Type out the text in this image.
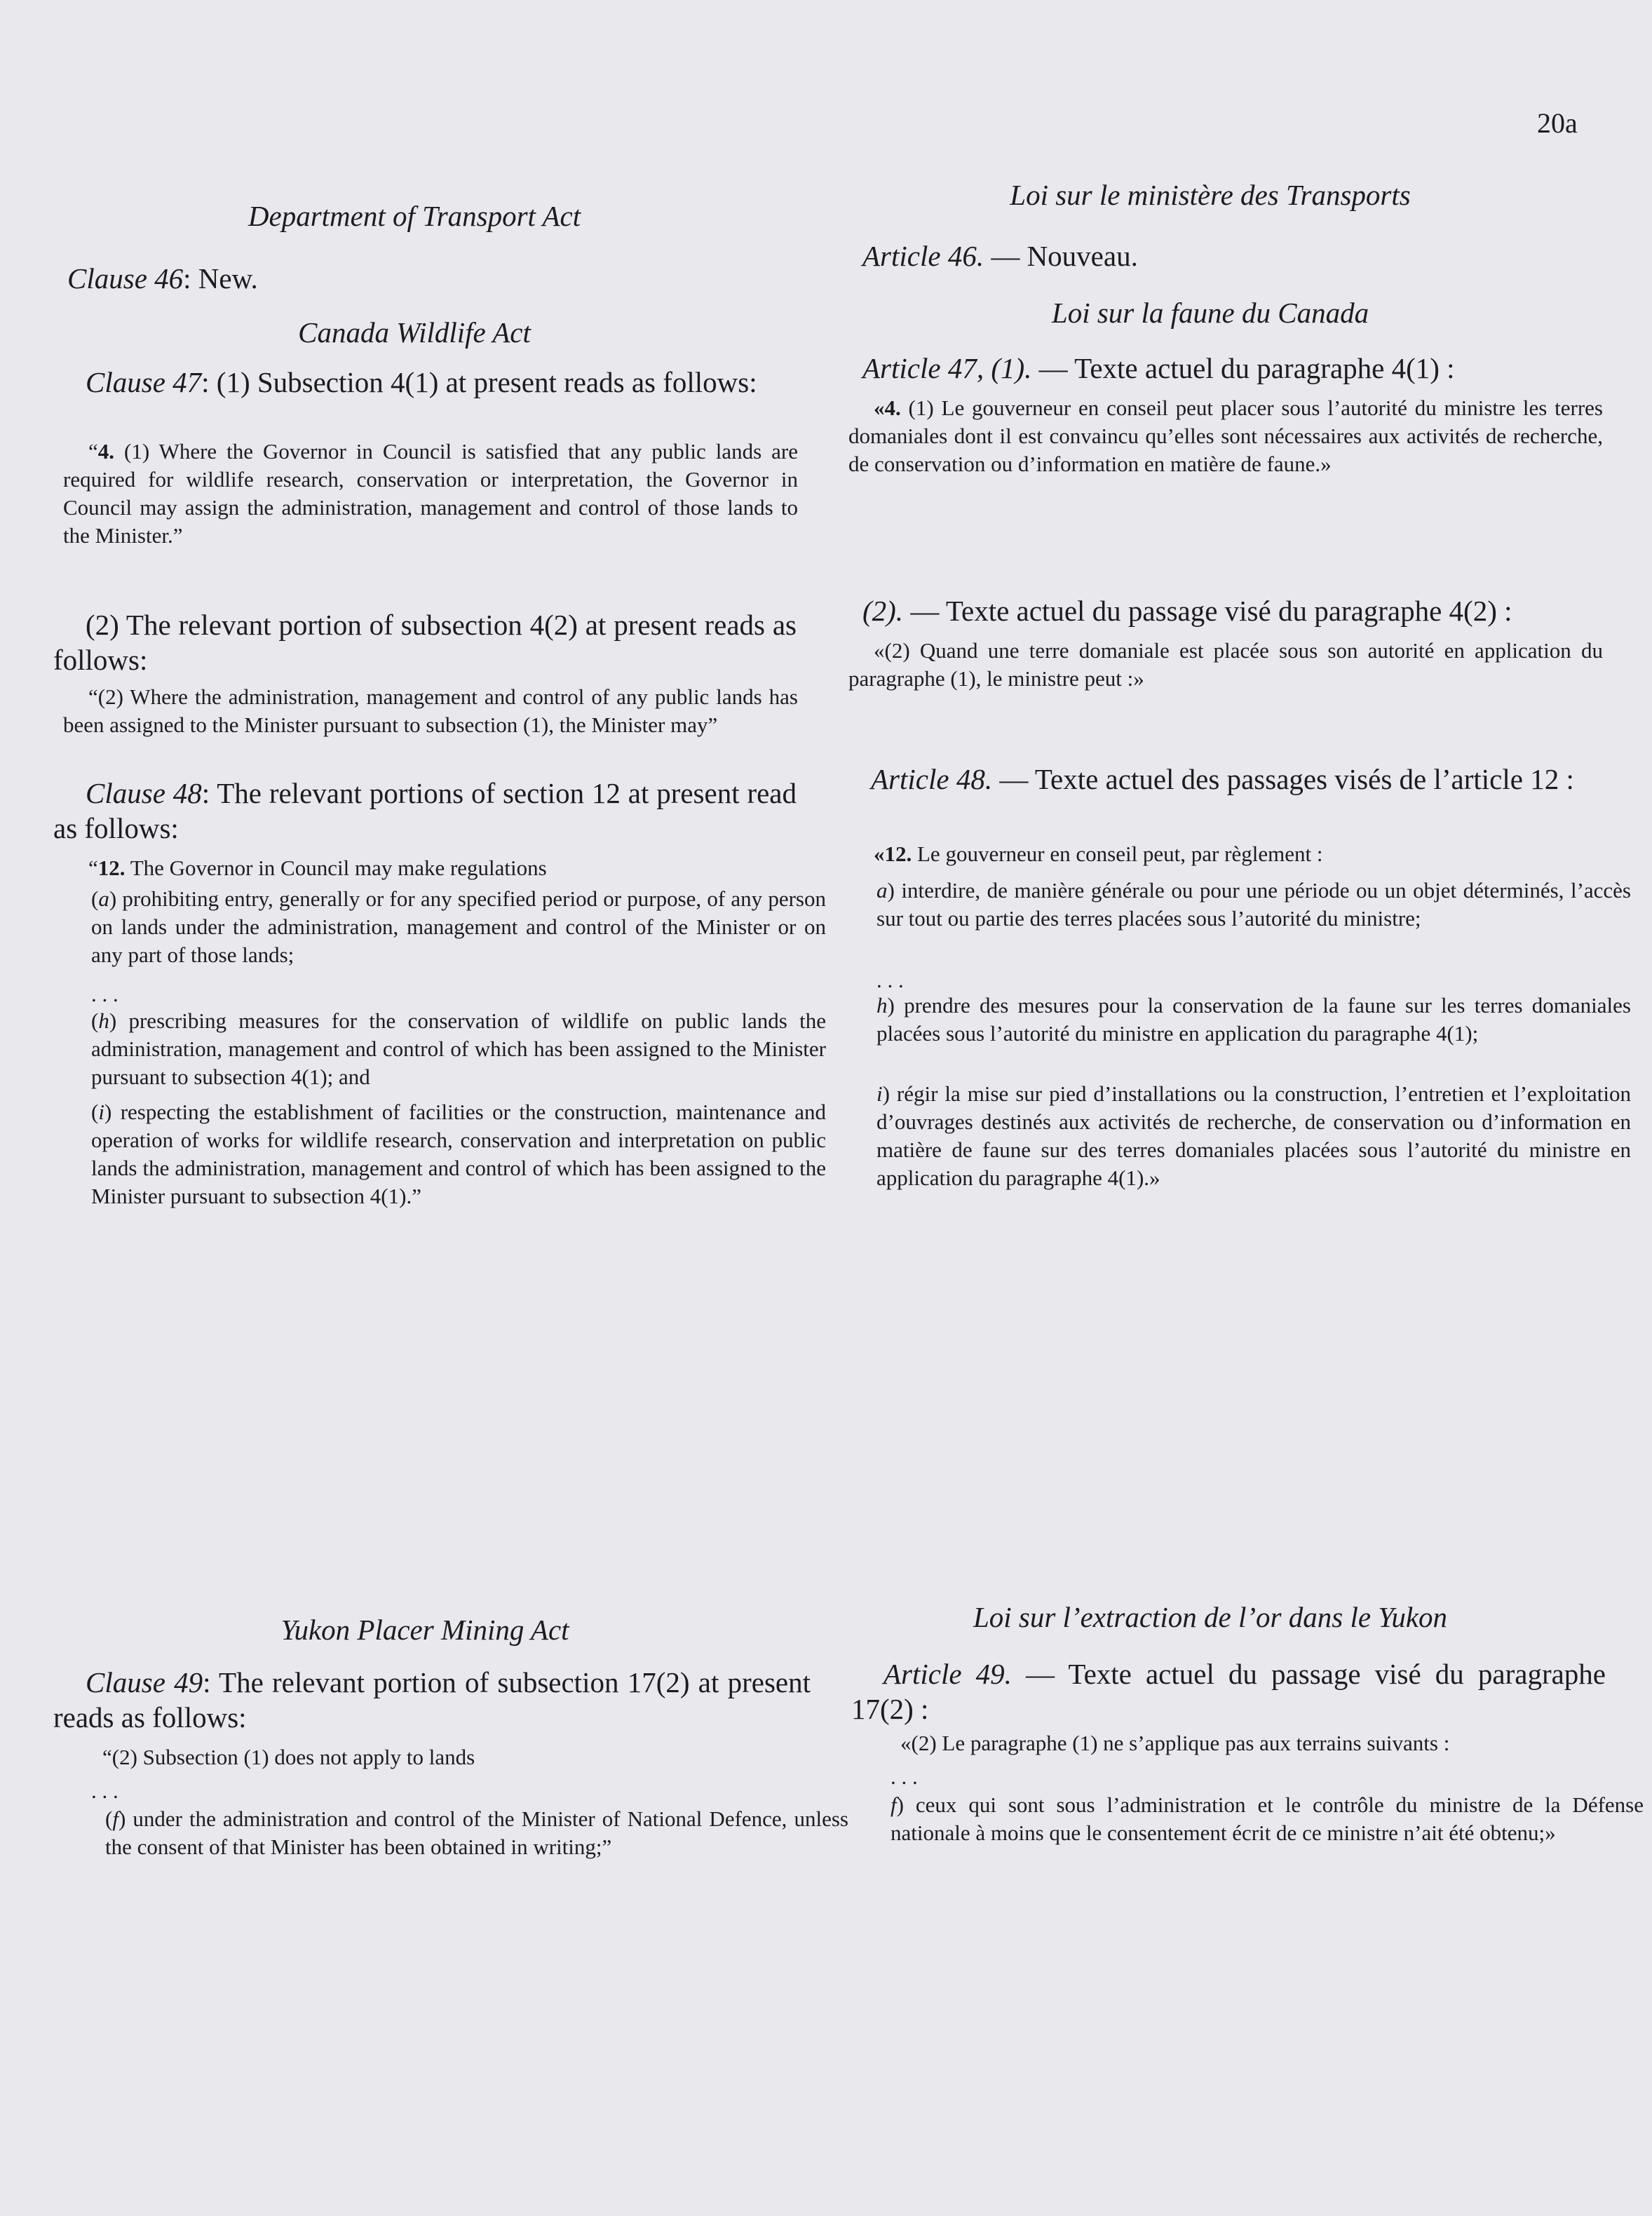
20a

Department of Transport Act

Clause 46: New.

Canada Wildlife Act

Clause 47: (1) Subsection 4(1) at present reads as follows:

“4. (1) Where the Governor in Council is satisfied that any public lands are required for wildlife research, conservation or interpretation, the Governor in Council may assign the administration, management and control of those lands to the Minister.”

(2) The relevant portion of subsection 4(2) at present reads as follows:

“(2) Where the administration, management and control of any public lands has been assigned to the Minister pursuant to subsection (1), the Minister may”

Clause 48: The relevant portions of section 12 at present read as follows:

“12. The Governor in Council may make regulations

(a) prohibiting entry, generally or for any specified period or purpose, of any person on lands under the administration, management and control of the Minister or on any part of those lands;

. . .

(h) prescribing measures for the conservation of wildlife on public lands the administration, management and control of which has been assigned to the Minister pursuant to subsection 4(1); and

(i) respecting the establishment of facilities or the construction, maintenance and operation of works for wildlife research, conservation and interpretation on public lands the administration, management and control of which has been assigned to the Minister pursuant to subsection 4(1).”

Yukon Placer Mining Act

Clause 49: The relevant portion of subsection 17(2) at present reads as follows:

“(2) Subsection (1) does not apply to lands

. . .

(f) under the administration and control of the Minister of National Defence, unless the consent of that Minister has been obtained in writing;”

Loi sur le ministère des Transports

Article 46. — Nouveau.

Loi sur la faune du Canada

Article 47, (1). — Texte actuel du paragraphe 4(1) :

«4. (1) Le gouverneur en conseil peut placer sous l’autorité du ministre les terres domaniales dont il est convaincu qu’elles sont nécessaires aux activités de recherche, de conservation ou d’information en matière de faune.»

(2). — Texte actuel du passage visé du paragraphe 4(2) :

«(2) Quand une terre domaniale est placée sous son autorité en application du paragraphe (1), le ministre peut :»

Article 48. — Texte actuel des passages visés de l’article 12 :

«12. Le gouverneur en conseil peut, par règlement :

a) interdire, de manière générale ou pour une période ou un objet déterminés, l’accès sur tout ou partie des terres placées sous l’autorité du ministre;

. . .

h) prendre des mesures pour la conservation de la faune sur les terres domaniales placées sous l’autorité du ministre en application du paragraphe 4(1);

i) régir la mise sur pied d’installations ou la construction, l’entretien et l’exploitation d’ouvrages destinés aux activités de recherche, de conservation ou d’information en matière de faune sur des terres domaniales placées sous l’autorité du ministre en application du paragraphe 4(1).»

Loi sur l’extraction de l’or dans le Yukon

Article 49. — Texte actuel du passage visé du paragraphe 17(2) :

«(2) Le paragraphe (1) ne s’applique pas aux terrains suivants :

. . .

f) ceux qui sont sous l’administration et le contrôle du ministre de la Défense nationale à moins que le consentement écrit de ce ministre n’ait été obtenu;»
